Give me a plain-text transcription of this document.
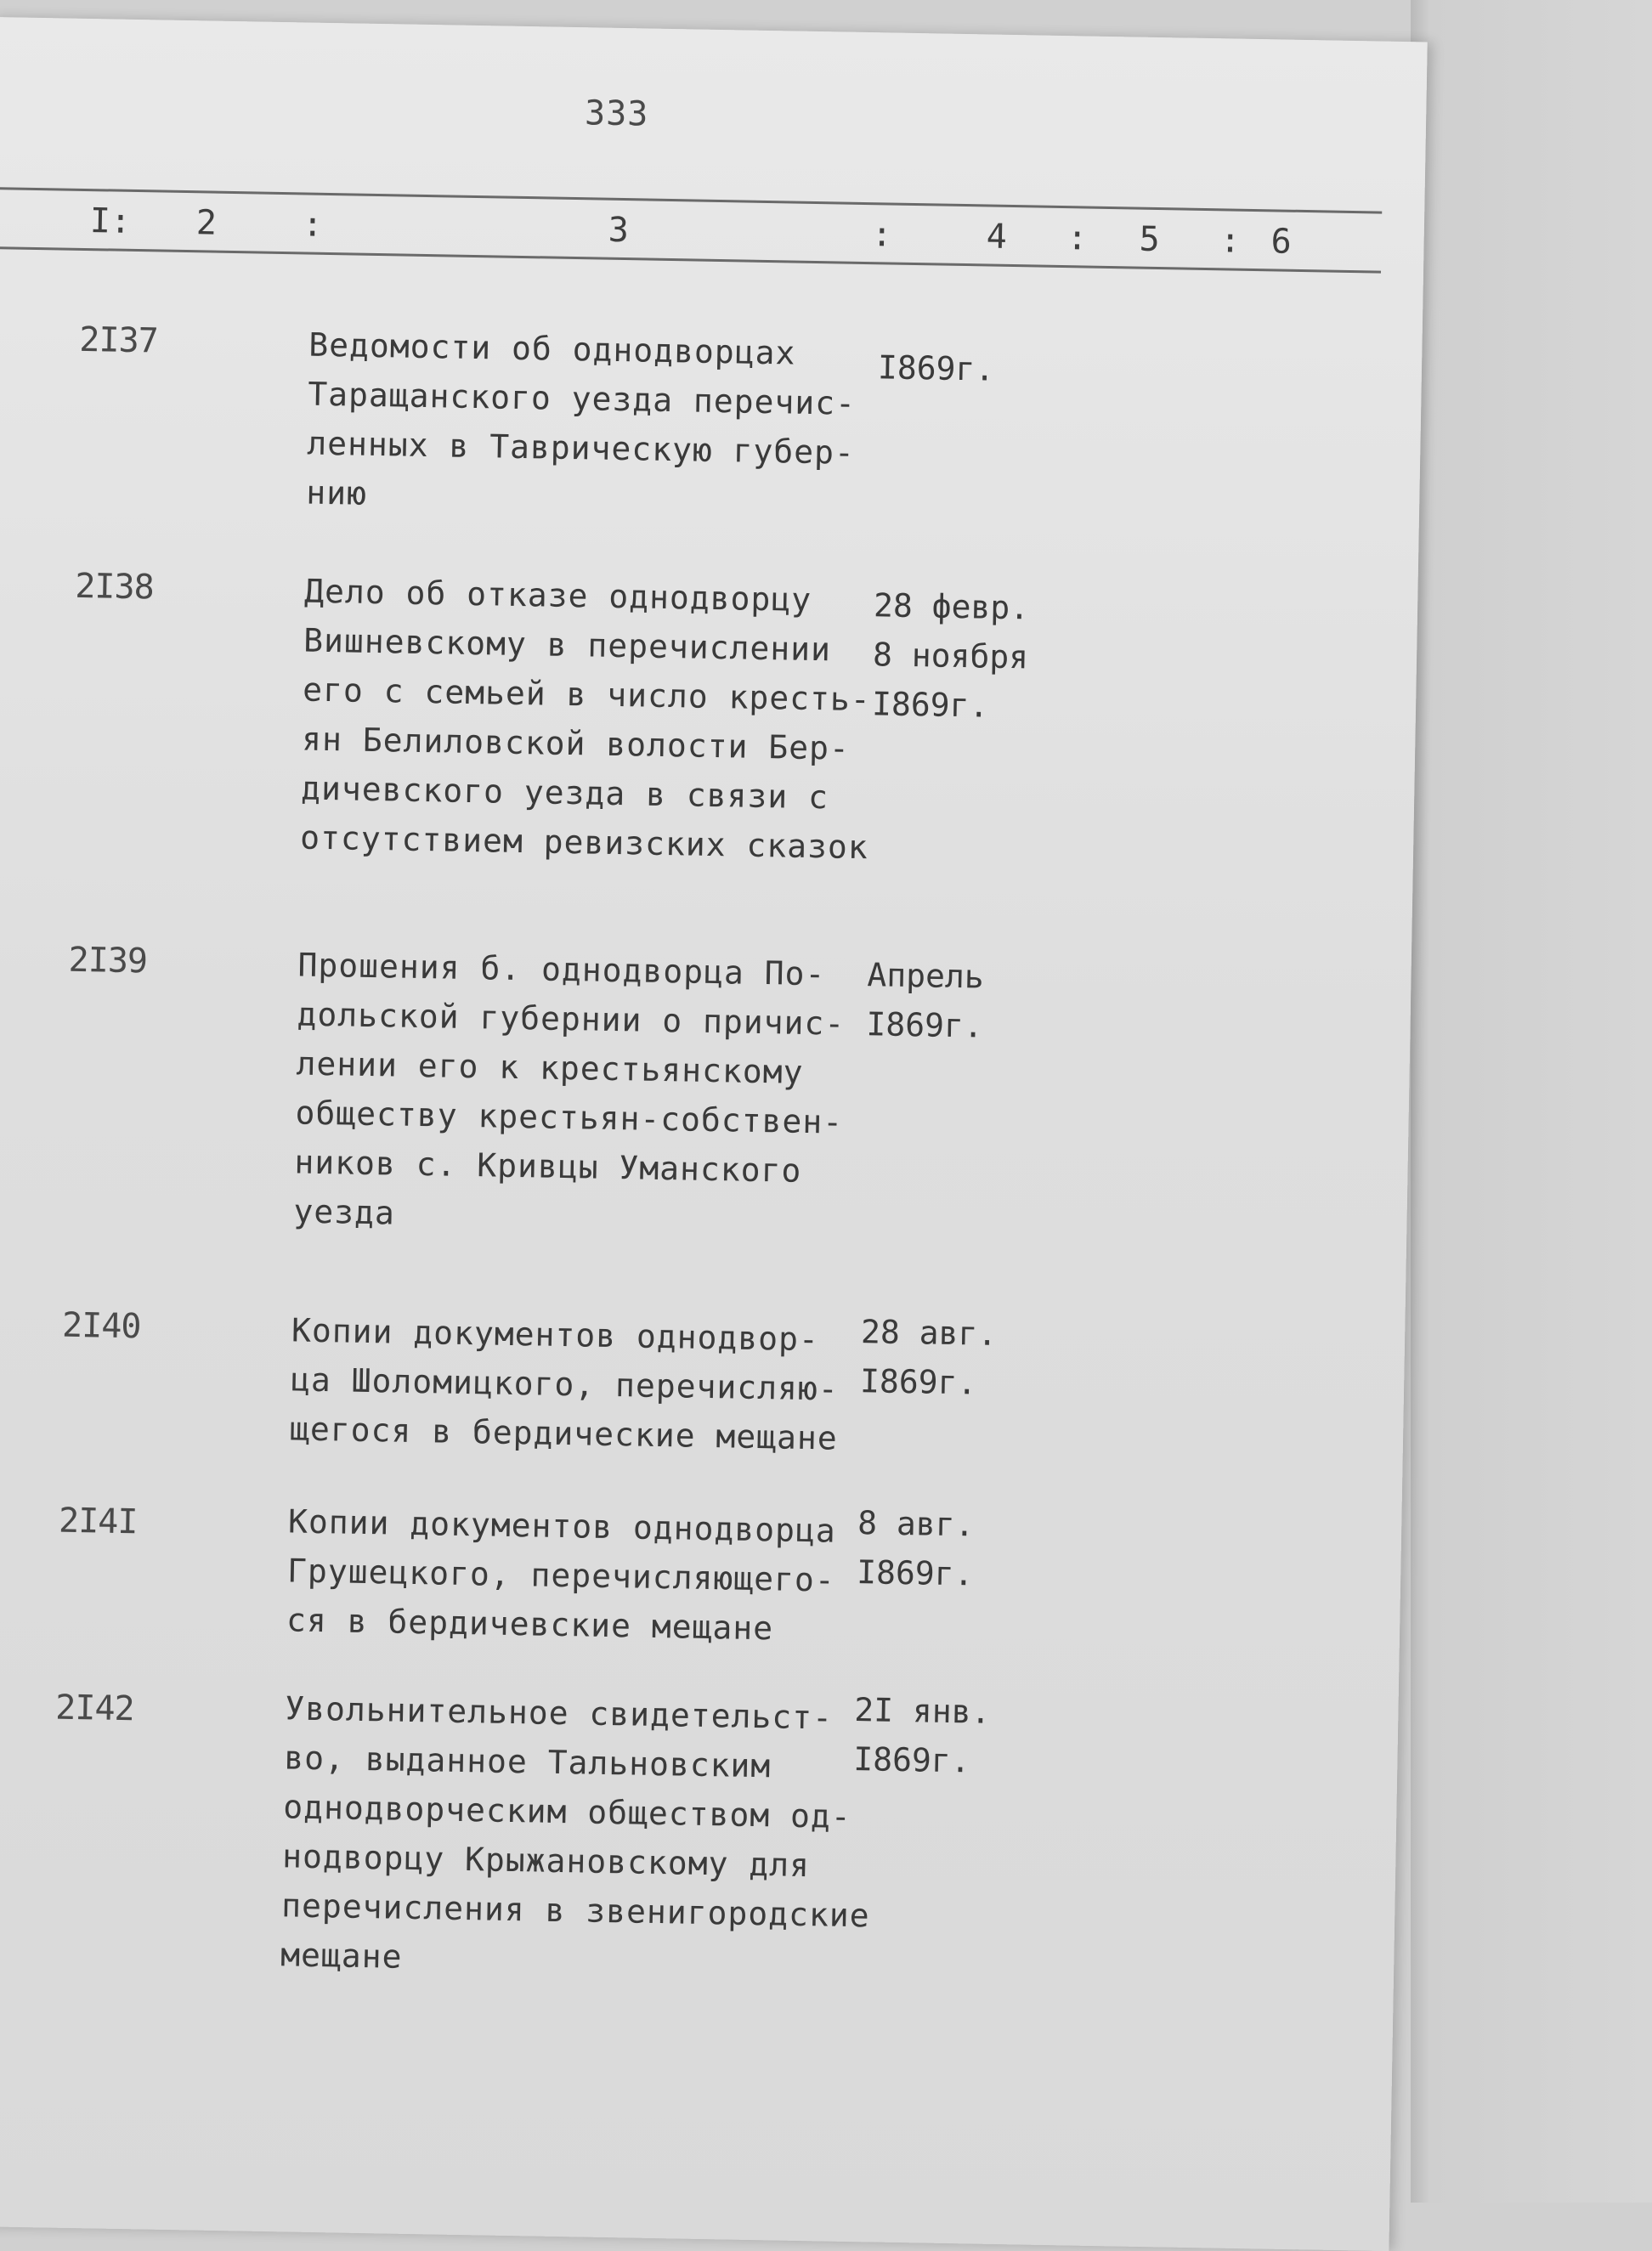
333
I: 2	:	3	:	4 : 5 : 6
2I37	Ведомости об однодворцах
Таращанского уезда перечис-
ленных в Таврическую губер-
нию
I869г.
2I38	Дело об отказе однодворцу
Вишневскому в перечислении
его с семьей в число кресть-
ян Белиловской волости Бер-
дичевского уезда в связи с
отсутствием ревизских сказок
28 февр.
8 ноября
I869г.
2I39	Прошения б. однодворца По-
дольской губернии о причис-
лении его к крестьянскому
обществу крестьян-собствен-
ников с. Кривцы Уманского
уезда
Апрель
I869г.
2I40	Копии документов однодвор-
ца Шоломицкого, перечисляю-
щегося в бердические мещане
28 авг.
I869г.
2I4I	Копии документов однодворца
Грушецкого, перечисляющего-
ся в бердичевские мещане
8 авг.
I869г.
2I42	Увольнительное свидетельст-
во, выданное Тальновским
однодворческим обществом од-
нодворцу Крыжановскому для
перечисления в звенигородские
мещане
2I янв.
I869г.
